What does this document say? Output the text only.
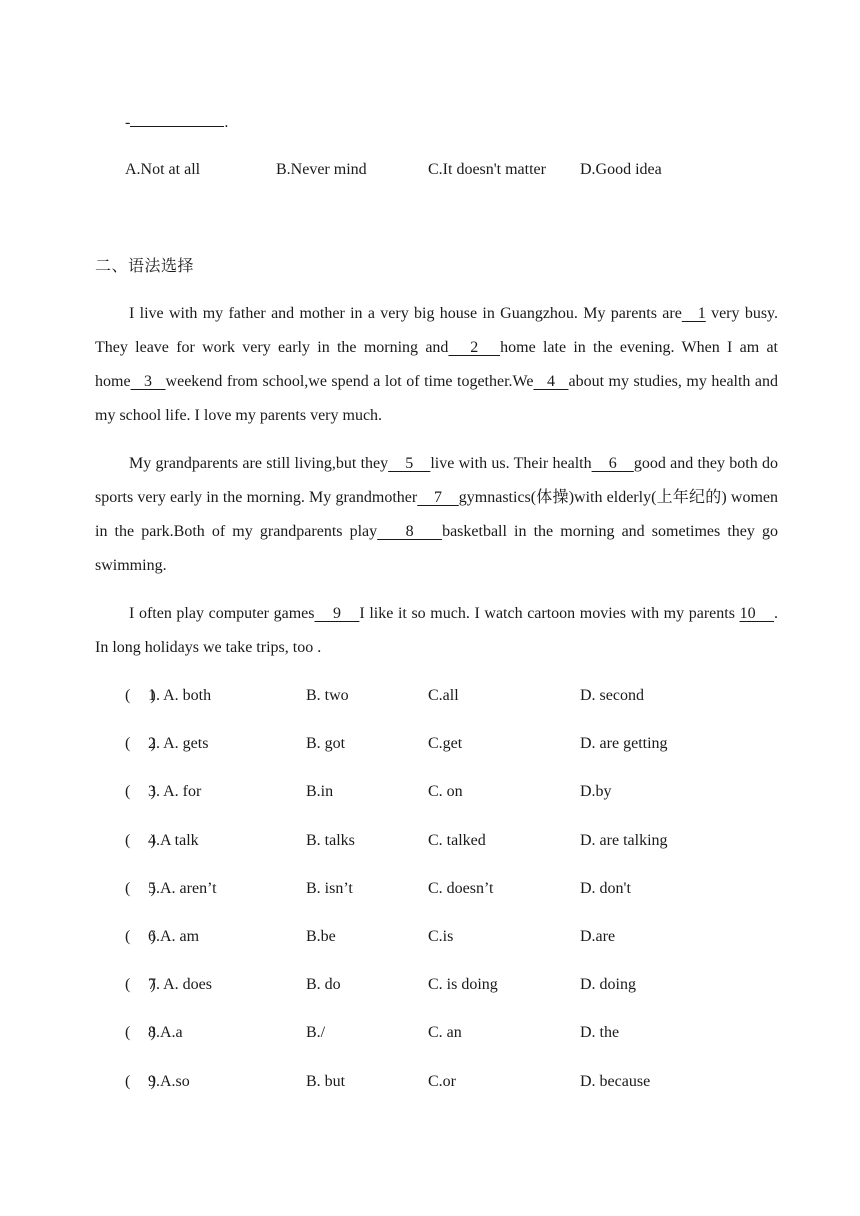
-	.
A.Not at all	B.Never mind	C.It doesn't matter D.Good idea
二、语法选择
I live with my father and mother in a very big house in Guangzhou. My parents are   1 very busy. They leave for work very early in the morning and   2   home late in the evening. When I am at home   3   weekend from school,we spend a lot of time together.We   4   about my studies, my health and my school life. I love my parents very much.
My grandparents are still living,but they    5    live with us. Their health    6    good and they both do sports very early in the morning. My grandmother    7    gymnastics(体操)with elderly(上年纪的) women in the park.Both of my grandparents play    8    basketball in the morning and sometimes they go swimming.
I often play computer games    9    I like it so much. I watch cartoon movies with my parents 10    . In long holidays we take trips, too .
(     )
1. A. both	B. two	C.all	D. second
(     )
2. A. gets	B. got	C.get	D. are getting
(     )
3. A. for	B.in	C. on	D.by
(     )
4.A talk	B. talks	C. talked	D. are talking
(     )
5.A. aren’t	B. isn’t	C. doesn’t	D. don't
(     )
6.A. am	B.be	C.is	D.are
(     )
7. A. does	B. do	C. is doing	D. doing
(     )
8.A.a	B./	C. an	D. the
(     )
9.A.so	B. but	C.or	D. because
